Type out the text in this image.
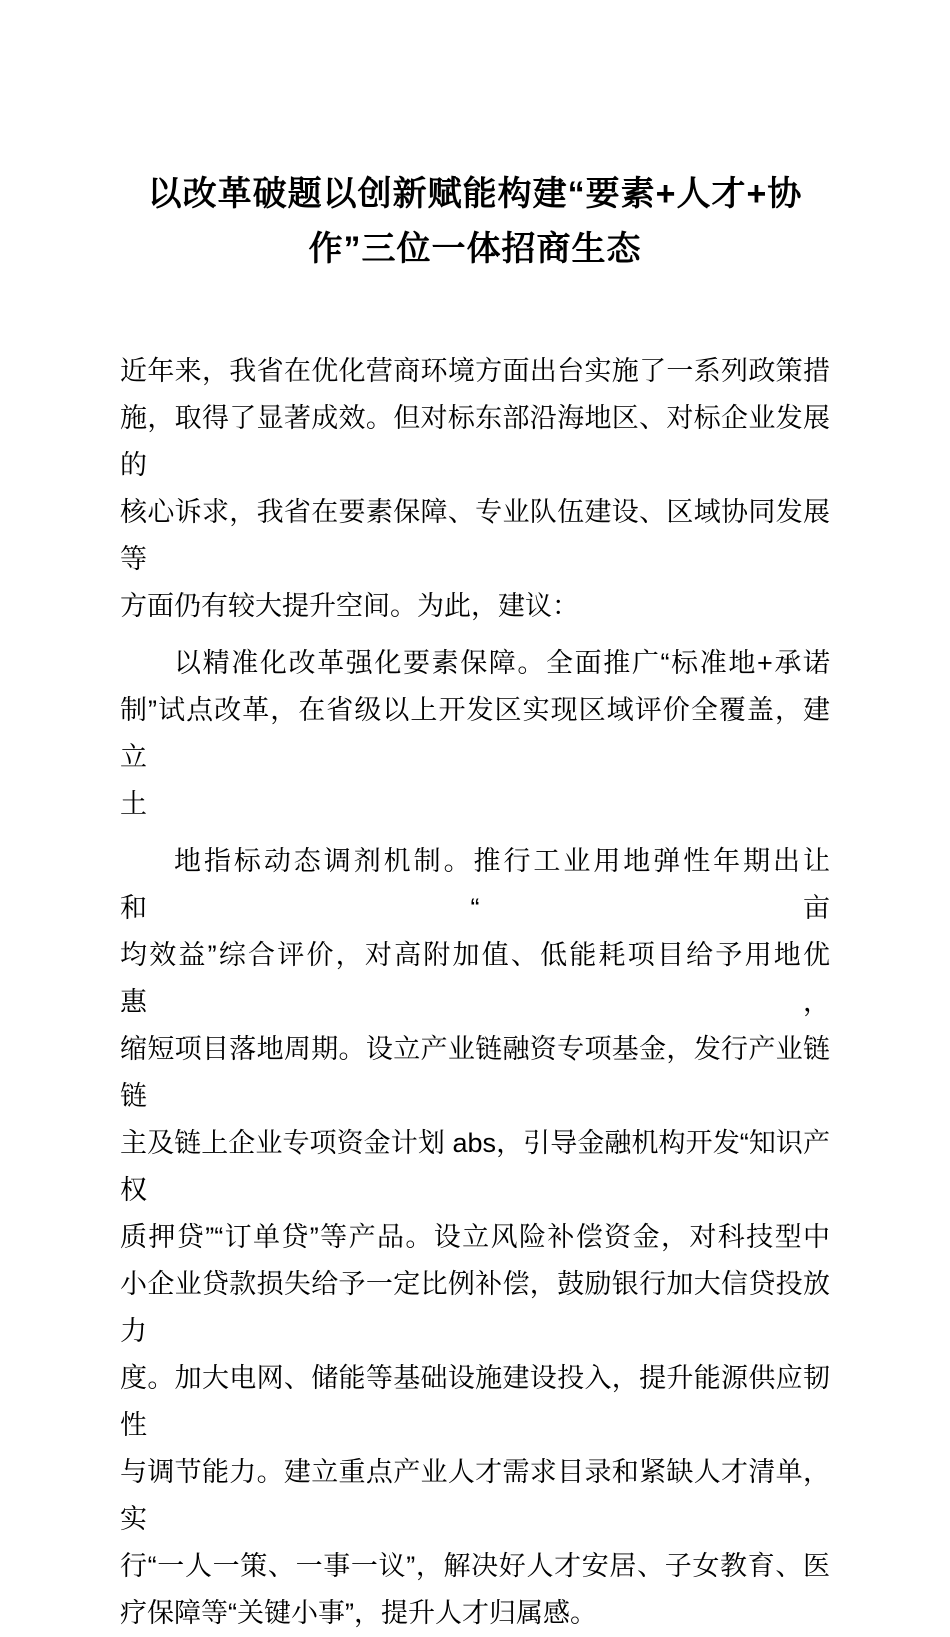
以改革破题以创新赋能构建“要素+人才+协
作”三位一体招商生态
近年来，我省在优化营商环境方面出台实施了一系列政策措
施，取得了显著成效。但对标东部沿海地区、对标企业发展的
核心诉求，我省在要素保障、专业队伍建设、区域协同发展等
方面仍有较大提升空间。为此，建议：
以精准化改革强化要素保障。全面推广“标准地+承诺
制”试点改革，在省级以上开发区实现区域评价全覆盖，建立
土
地指标动态调剂机制。推行工业用地弹性年期出让和“亩
均效益”综合评价，对高附加值、低能耗项目给予用地优惠，
缩短项目落地周期。设立产业链融资专项基金，发行产业链链
主及链上企业专项资金计划 abs，引导金融机构开发“知识产权
质押贷”“订单贷”等产品。设立风险补偿资金，对科技型中
小企业贷款损失给予一定比例补偿，鼓励银行加大信贷投放力
度。加大电网、储能等基础设施建设投入，提升能源供应韧性
与调节能力。建立重点产业人才需求目录和紧缺人才清单，实
行“一人一策、一事一议”，解决好人才安居、子女教育、医
疗保障等“关键小事”，提升人才归属感。
